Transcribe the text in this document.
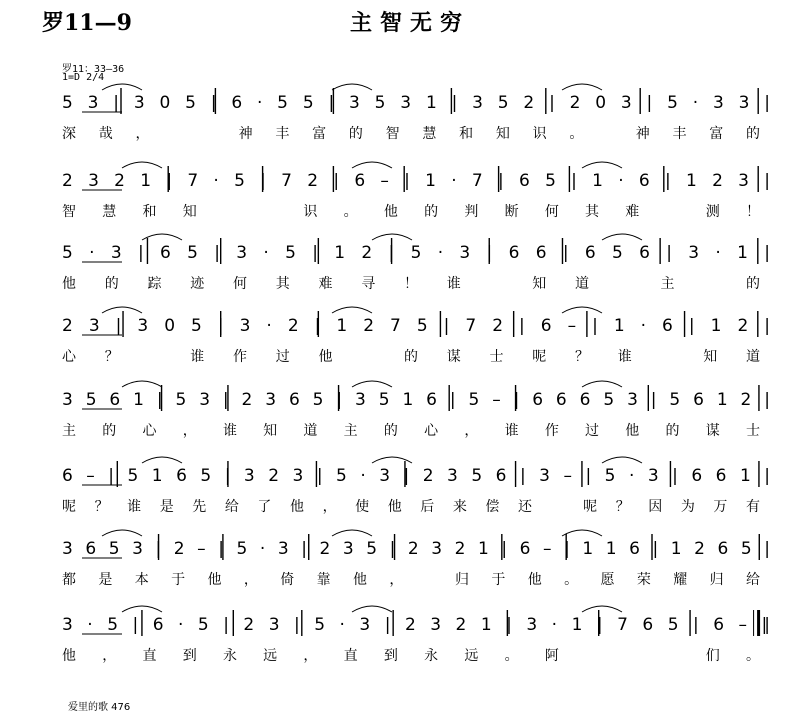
罗11—9	主智无穷
罗11：33—36
1=D 2/4
5 3 | 3 0 5 | 6 · 5 5 | 3 5 3 1 | 3 5 2 | 2 0 3 | 5 · 3 3 |
深哉，　　神丰富的智慧和知识。　神丰富的
2 3 2 1 | 7 · 5 | 7 2 | 6 – | 1 · 7 | 6 5 | 1 · 6 | 1 2 3 |
智慧和知　　识。他的判断何其难　测！
5 · 3 | 6 5 | 3 · 5 | 1 2 | 5 · 3 | 6 6 | 6 5 6 | 3 · 1 |
他的踪迹何其难寻！谁　知道　主　的
2 3 | 3 0 5 | 3 · 2 | 1 2 7 5 | 7 2 | 6 – | 1 · 6 | 1 2 |
心？　谁作过他　的谋士呢？谁　知道
3 5 6 1 | 5 3 | 2 3 6 5 | 3 5 1 6 | 5 – | 6 6 6 5 3 | 5 6 1 2 |
主的心，谁知道主的心，谁作过他的谋士
6 – | 5 1 6 5 | 3 2 3 | 5 · 3 | 2 3 5 6 | 3 – | 5 · 3 | 6 6 1 |
呢？谁是先给了他，使他后来偿还　呢？因为万有
3 6 5 3 | 2 – | 5 · 3 | 2 3 5 | 2 3 2 1 | 6 – | 1 1 6 | 1 2 6 5 |
都是本于他，倚靠他，　归于他。愿荣耀归给
3 · 5 | 6 · 5 | 2 3 | 5 · 3 | 2 3 2 1 | 3 · 1 | 7 6 5 | 6 – ‖
他，直到永远，直到永远。阿　　　们。
爱里的歌 476
